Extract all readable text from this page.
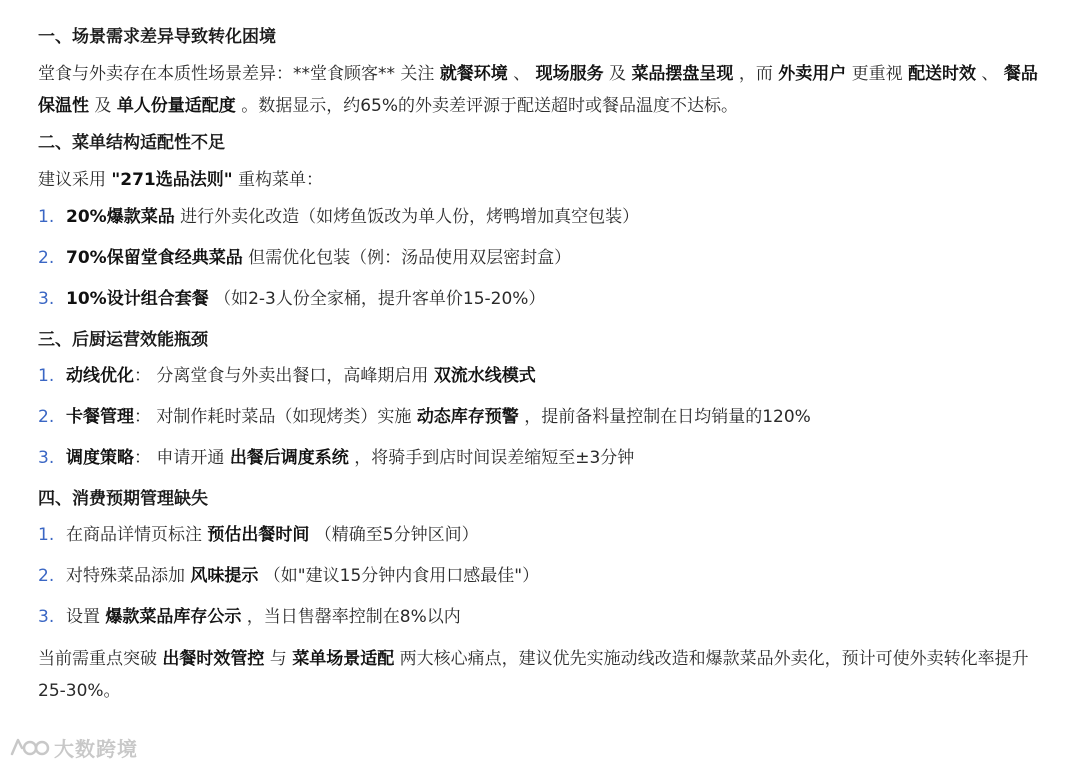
一、场景需求差异导致转化困境

堂食与外卖存在本质性场景差异：**堂食顾客** 关注 就餐环境 、 现场服务 及 菜品摆盘呈现 ，而 外卖用户 更重视 配送时效 、 餐品保温性 及 单人份量适配度 。数据显示，约65%的外卖差评源于配送超时或餐品温度不达标。

二、菜单结构适配性不足

建议采用 "271选品法则" 重构菜单：

1. 20%爆款菜品 进行外卖化改造（如烤鱼饭改为单人份，烤鸭增加真空包装）
2. 70%保留堂食经典菜品 但需优化包装（例：汤品使用双层密封盒）
3. 10%设计组合套餐 （如2-3人份全家桶，提升客单价15-20%）
三、后厨运营效能瓶颈
1. 动线优化： 分离堂食与外卖出餐口，高峰期启用 双流水线模式
2. 卡餐管理： 对制作耗时菜品（如现烤类）实施 动态库存预警 ，提前备料量控制在日均销量的120%
3. 调度策略： 申请开通 出餐后调度系统 ，将骑手到店时间误差缩短至±3分钟
四、消费预期管理缺失
1. 在商品详情页标注 预估出餐时间 （精确至5分钟区间）
2. 对特殊菜品添加 风味提示 （如"建议15分钟内食用口感最佳"）
3. 设置 爆款菜品库存公示 ，当日售罄率控制在8%以内

当前需重点突破 出餐时效管控 与 菜单场景适配 两大核心痛点，建议优先实施动线改造和爆款菜品外卖化，预计可使外卖转化率提升25-30%。

大数跨境
